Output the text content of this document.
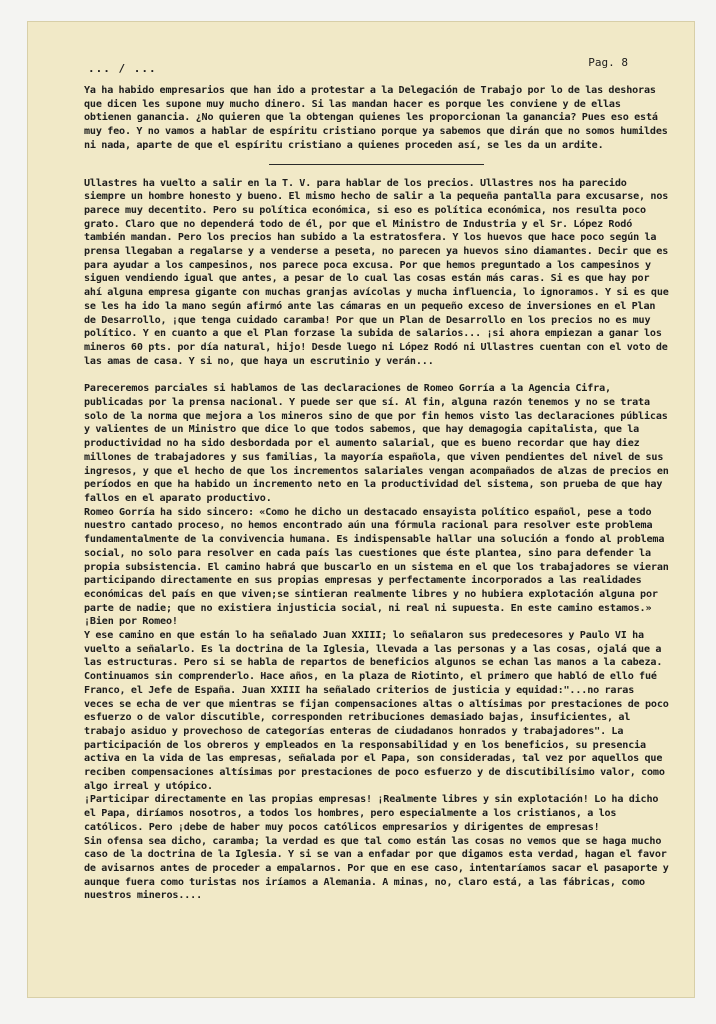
... / ...	Pag. 8

Ya ha habido empresarios que han ido a protestar a la Delegación de Trabajo por lo de las deshoras que dicen les supone muy mucho dinero. Si las mandan hacer es porque les conviene y de ellas obtienen ganancia. ¿No quieren que la obtengan quienes les proporcionan la ganancia? Pues eso está muy feo. Y no vamos a hablar de espíritu cristiano porque ya sabemos que dirán que no somos humildes ni nada, aparte de que el espíritu cristiano a quienes proceden así, se les da un ardite.

Ullastres ha vuelto a salir en la T. V. para hablar de los precios. Ullastres nos ha parecido siempre un hombre honesto y bueno. El mismo hecho de salir a la pequeña pantalla para excusarse, nos parece muy decentito. Pero su política económica, si eso es política económica, nos resulta poco grato. Claro que no dependerá todo de él, por que el Ministro de Industria y el Sr. López Rodó también mandan. Pero los precios han subido a la estratosfera. Y los huevos que hace poco según la prensa llegaban a regalarse y a venderse a peseta, no parecen ya huevos sino diamantes. Decir que es para ayudar a los campesinos, nos parece poca excusa. Por que hemos preguntado a los campesinos y siguen vendiendo igual que antes, a pesar de lo cual las cosas están más caras. Si es que hay por ahí alguna empresa gigante con muchas granjas avícolas y mucha influencia, lo ignoramos. Y si es que se les ha ido la mano según afirmó ante las cámaras en un pequeño exceso de inversiones en el Plan de Desarrollo, ¡que tenga cuidado caramba! Por que un Plan de Desarrollo en los precios no es muy político. Y en cuanto a que el Plan forzase la subida de salarios... ¡si ahora empiezan a ganar los mineros 60 pts. por día natural, hijo! Desde luego ni López Rodó ni Ullastres cuentan con el voto de las amas de casa. Y si no, que haya un escrutinio y verán...

Pareceremos parciales si hablamos de las declaraciones de Romeo Gorría a la Agencia Cifra, publicadas por la prensa nacional. Y puede ser que sí. Al fin, alguna razón tenemos y no se trata solo de la norma que mejora a los mineros sino de que por fin hemos visto las declaraciones públicas y valientes de un Ministro que dice lo que todos sabemos, que hay demagogia capitalista, que la productividad no ha sido desbordada por el aumento salarial, que es bueno recordar que hay diez millones de trabajadores y sus familias, la mayoría española, que viven pendientes del nivel de sus ingresos, y que el hecho de que los incrementos salariales vengan acompañados de alzas de precios en períodos en que ha habido un incremento neto en la productividad del sistema, son prueba de que hay fallos en el aparato productivo.

Romeo Gorría ha sido sincero: «Como he dicho un destacado ensayista político español, pese a todo nuestro cantado proceso, no hemos encontrado aún una fórmula racional para resolver este problema fundamentalmente de la convivencia humana. Es indispensable hallar una solución a fondo al problema social, no solo para resolver en cada país las cuestiones que éste plantea, sino para defender la propia subsistencia. El camino habrá que buscarlo en un sistema en el que los trabajadores se vieran participando directamente en sus propias empresas y perfectamente incorporados a las realidades económicas del país en que viven;se sintieran realmente libres y no hubiera explotación alguna por parte de nadie; que no existiera injusticia social, ni real ni supuesta. En este camino estamos.»

¡Bien por Romeo!

Y ese camino en que están lo ha señalado Juan XXIII; lo señalaron sus predecesores y Paulo VI ha vuelto a señalarlo. Es la doctrina de la Iglesia, llevada a las personas y a las cosas, ojalá que a las estructuras. Pero si se habla de repartos de beneficios algunos se echan las manos a la cabeza. Continuamos sin comprenderlo. Hace años, en la plaza de Riotinto, el primero que habló de ello fué Franco, el Jefe de España. Juan XXIII ha señalado criterios de justicia y equidad:"...no raras veces se echa de ver que mientras se fijan compensaciones altas o altísimas por prestaciones de poco esfuerzo o de valor discutible, corresponden retribuciones demasiado bajas, insuficientes, al trabajo asiduo y provechoso de categorías enteras de ciudadanos honrados y trabajadores". La participación de los obreros y empleados en la responsabilidad y en los beneficios, su presencia activa en la vida de las empresas, señalada por el Papa, son consideradas, tal vez por aquellos que reciben compensaciones altísimas por prestaciones de poco esfuerzo y de discutibilísimo valor, como algo irreal y utópico.

¡Participar directamente en las propias empresas! ¡Realmente libres y sin explotación! Lo ha dicho el Papa, diríamos nosotros, a todos los hombres, pero especialmente a los cristianos, a los católicos. Pero ¡debe de haber muy pocos católicos empresarios y dirigentes de empresas!

Sin ofensa sea dicho, caramba; la verdad es que tal como están las cosas no vemos que se haga mucho caso de la doctrina de la Iglesia. Y si se van a enfadar por que digamos esta verdad, hagan el favor de avisarnos antes de proceder a empalarnos. Por que en ese caso, intentaríamos sacar el pasaporte y aunque fuera como turistas nos iríamos a Alemania. A minas, no, claro está, a las fábricas, como nuestros mineros....
